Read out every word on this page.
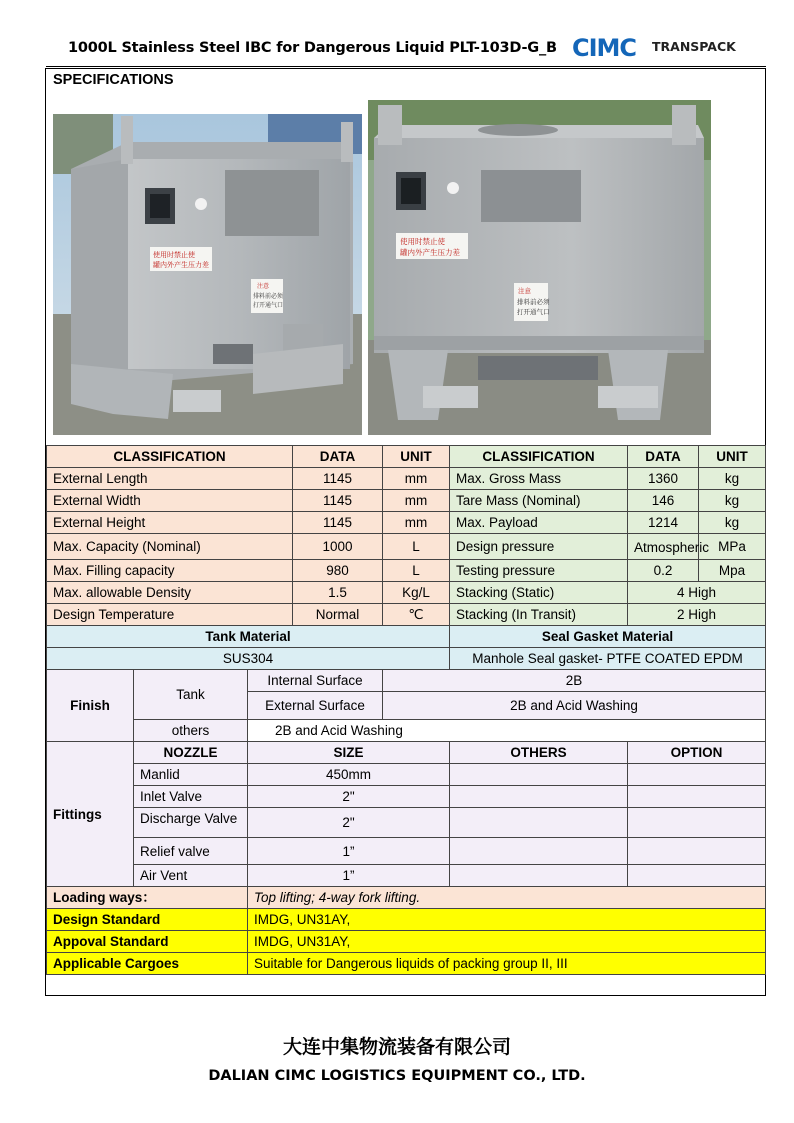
1000L Stainless Steel IBC for Dangerous Liquid PLT-103D-G_B CIMC TRANSPACK
SPECIFICATIONS
使用时禁止使
罐内外产生压力差
注意
排料前必须
打开通气口
使用时禁止使
罐内外产生压力差
注意
排料前必须
打开通气口
CLASSIFICATION			DATA	UNIT	CLASSIFICATION	DATA	UNIT
External Length			1145	mm	Max. Gross Mass	1360	kg
External Width			1145	mm	Tare Mass (Nominal)	146	kg
External Height			1145	mm	Max. Payload	1214	kg
Max. Capacity (Nominal)			1000	L	Design pressure	Atmospheric	MPa
Max. Filling capacity			980	L	Testing pressure	0.2	Mpa
Max. allowable Density			1.5	Kg/L	Stacking (Static)	4 High	
Design Temperature			Normal	℃	Stacking (In Transit)	2 High	
Tank Material					Seal Gasket Material		
SUS304					Manhole Seal gasket- PTFE COATED EPDM		
Finish	Tank	Internal Surface		2B			
		External Surface		2B and Acid Washing			
	others	2B and Acid Washing					
Fittings	NOZZLE	SIZE			OTHERS	OPTION	
	Manlid	450mm					
	Inlet Valve	2"					
	Discharge Valve	2"					
	Relief valve	1”					
	Air Vent	1”					
Loading ways：		Top lifting; 4-way fork lifting.					
Design Standard		IMDG, UN31AY,					
Appoval Standard		IMDG, UN31AY,					
Applicable Cargoes		Suitable for Dangerous liquids of packing group II, III					
大连中集物流装备有限公司
DALIAN CIMC LOGISTICS EQUIPMENT CO., LTD.
